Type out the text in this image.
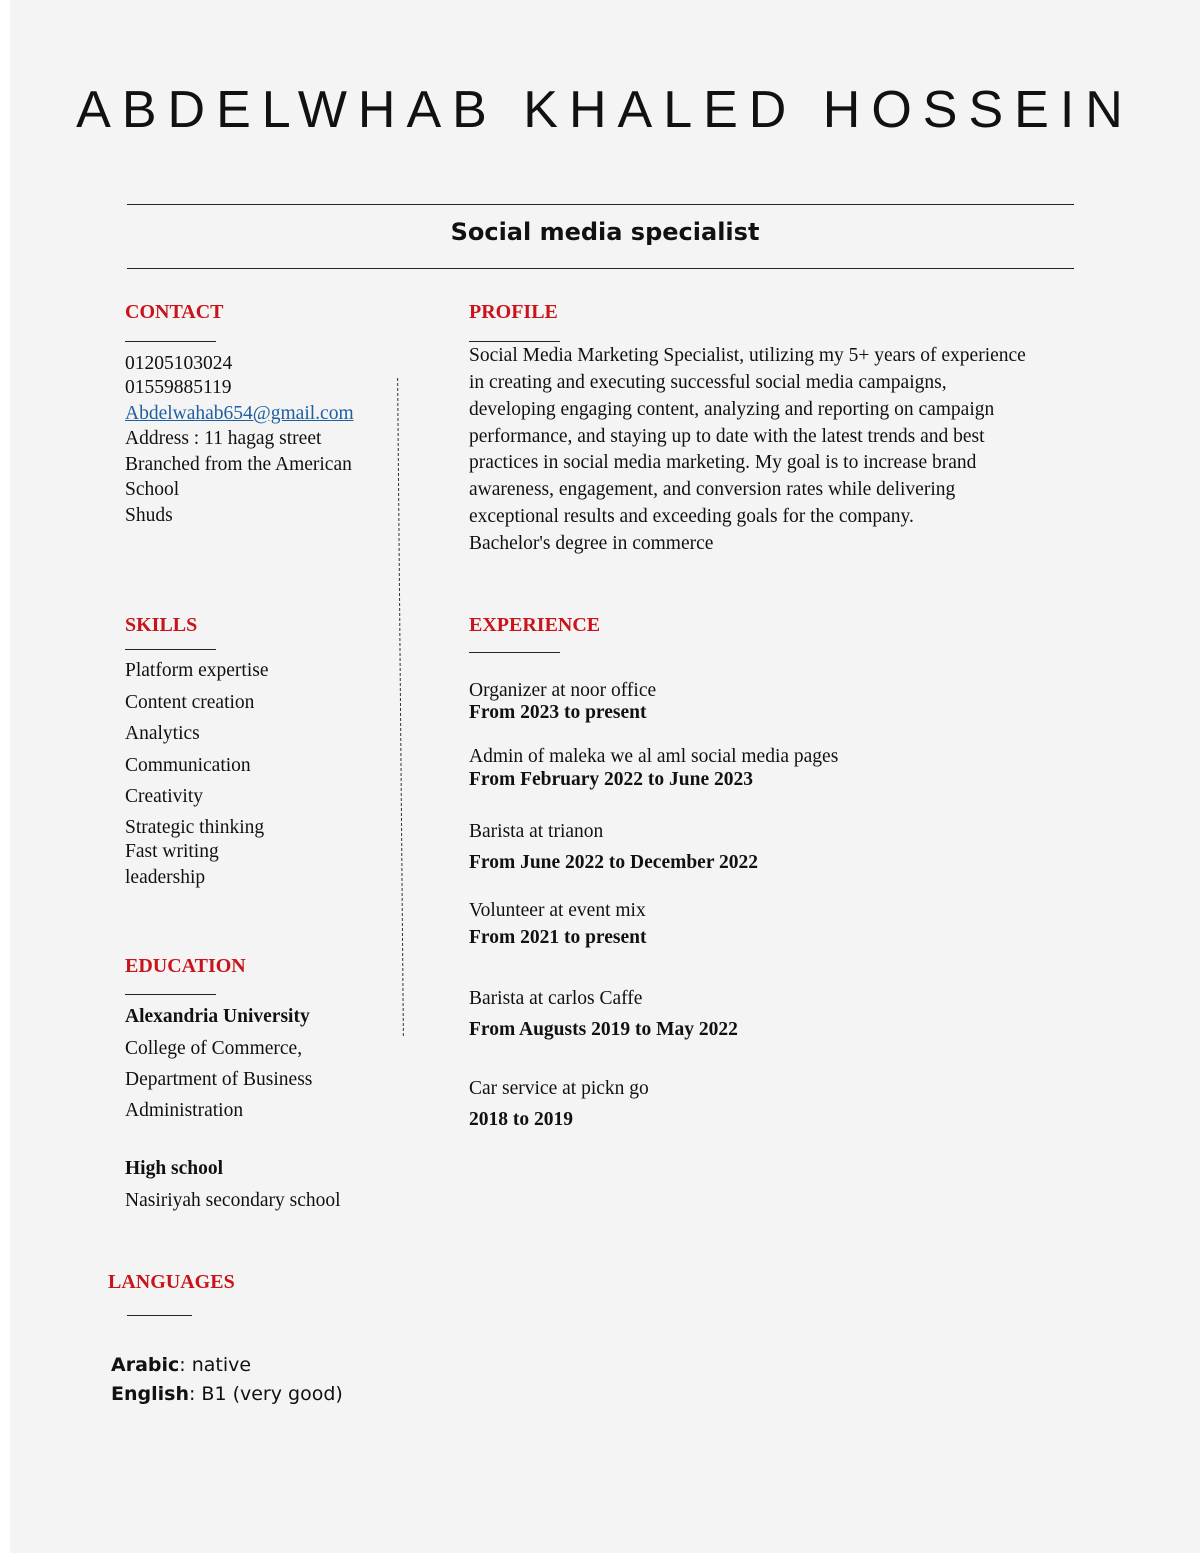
ABDELWHAB KHALED HOSSEIN
Social media specialist
CONTACT
01205103024
01559885119
Abdelwahab654@gmail.com
Address : 11 hagag street
Branched from the American
School
Shuds
PROFILE
Social Media Marketing Specialist, utilizing my 5+ years of experience
in creating and executing successful social media campaigns,
developing engaging content, analyzing and reporting on campaign
performance, and staying up to date with the latest trends and best
practices in social media marketing. My goal is to increase brand
awareness, engagement, and conversion rates while delivering
exceptional results and exceeding goals for the company.
Bachelor's degree in commerce
SKILLS
Platform expertise
Content creation
Analytics
Communication
Creativity
Strategic thinking
Fast writing
leadership
EXPERIENCE
Organizer at noor office
From 2023 to present
Admin of maleka we al aml social media pages
From February 2022 to June 2023
Barista at trianon
From June 2022 to December 2022
Volunteer at event mix
From 2021 to present
Barista at carlos Caffe
From Augusts 2019 to May 2022
Car service at pickn go
2018 to 2019
EDUCATION
Alexandria University
College of Commerce,
Department of Business
Administration
High school
Nasiriyah secondary school
LANGUAGES
Arabic: native
English: B1 (very good)
